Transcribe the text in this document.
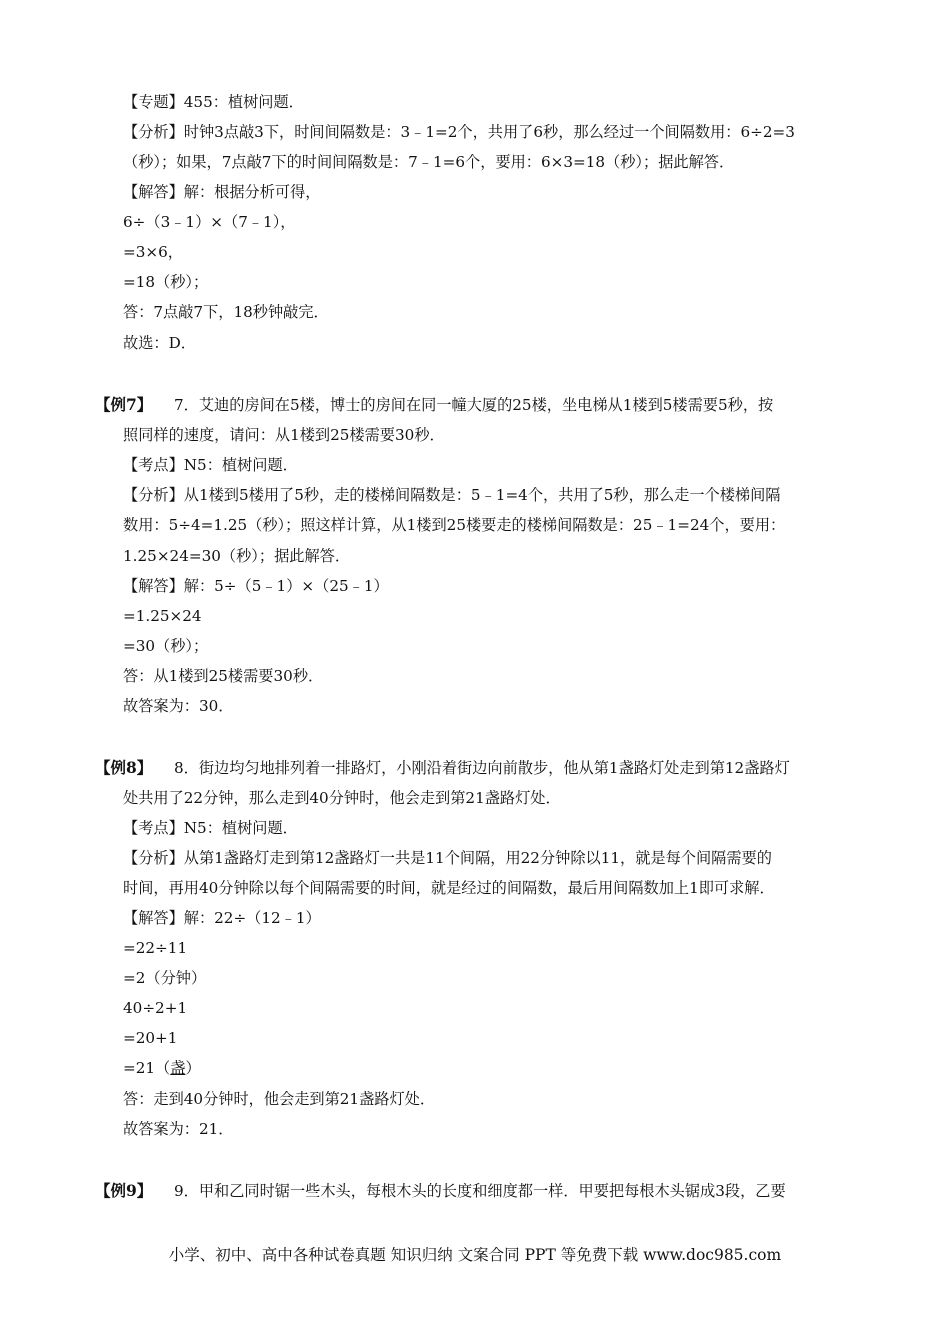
【专题】455：植树问题．
【分析】时钟3点敲3下，时间间隔数是：3﹣1=2个，共用了6秒，那么经过一个间隔数用：6÷2=3
（秒）；如果，7点敲7下的时间间隔数是：7﹣1=6个，要用：6×3=18（秒）；据此解答．
【解答】解：根据分析可得，
6÷（3﹣1）×（7﹣1），
=3×6，
=18（秒）；
答：7点敲7下，18秒钟敲完．
故选：D．
【例7】 7．艾迪的房间在5楼，博士的房间在同一幢大厦的25楼，坐电梯从1楼到5楼需要5秒，按
照同样的速度，请问：从1楼到25楼需要30秒．
【考点】N5：植树问题．
【分析】从1楼到5楼用了5秒，走的楼梯间隔数是：5﹣1=4个，共用了5秒，那么走一个楼梯间隔
数用：5÷4=1.25（秒）；照这样计算，从1楼到25楼要走的楼梯间隔数是：25﹣1=24个，要用：
1.25×24=30（秒）；据此解答．
【解答】解：5÷（5﹣1）×（25﹣1）
=1.25×24
=30（秒）；
答：从1楼到25楼需要30秒．
故答案为：30．
【例8】 8．街边均匀地排列着一排路灯，小刚沿着街边向前散步，他从第1盏路灯处走到第12盏路灯
处共用了22分钟，那么走到40分钟时，他会走到第21盏路灯处．
【考点】N5：植树问题．
【分析】从第1盏路灯走到第12盏路灯一共是11个间隔，用22分钟除以11，就是每个间隔需要的
时间，再用40分钟除以每个间隔需要的时间，就是经过的间隔数，最后用间隔数加上1即可求解．
【解答】解：22÷（12﹣1）
=22÷11
=2（分钟）
40÷2+1
=20+1
=21（盏）
答：走到40分钟时，他会走到第21盏路灯处．
故答案为：21．
【例9】 9．甲和乙同时锯一些木头，每根木头的长度和细度都一样．甲要把每根木头锯成3段，乙要
小学、初中、高中各种试卷真题 知识归纳 文案合同 PPT 等免费下载 www.doc985.com
